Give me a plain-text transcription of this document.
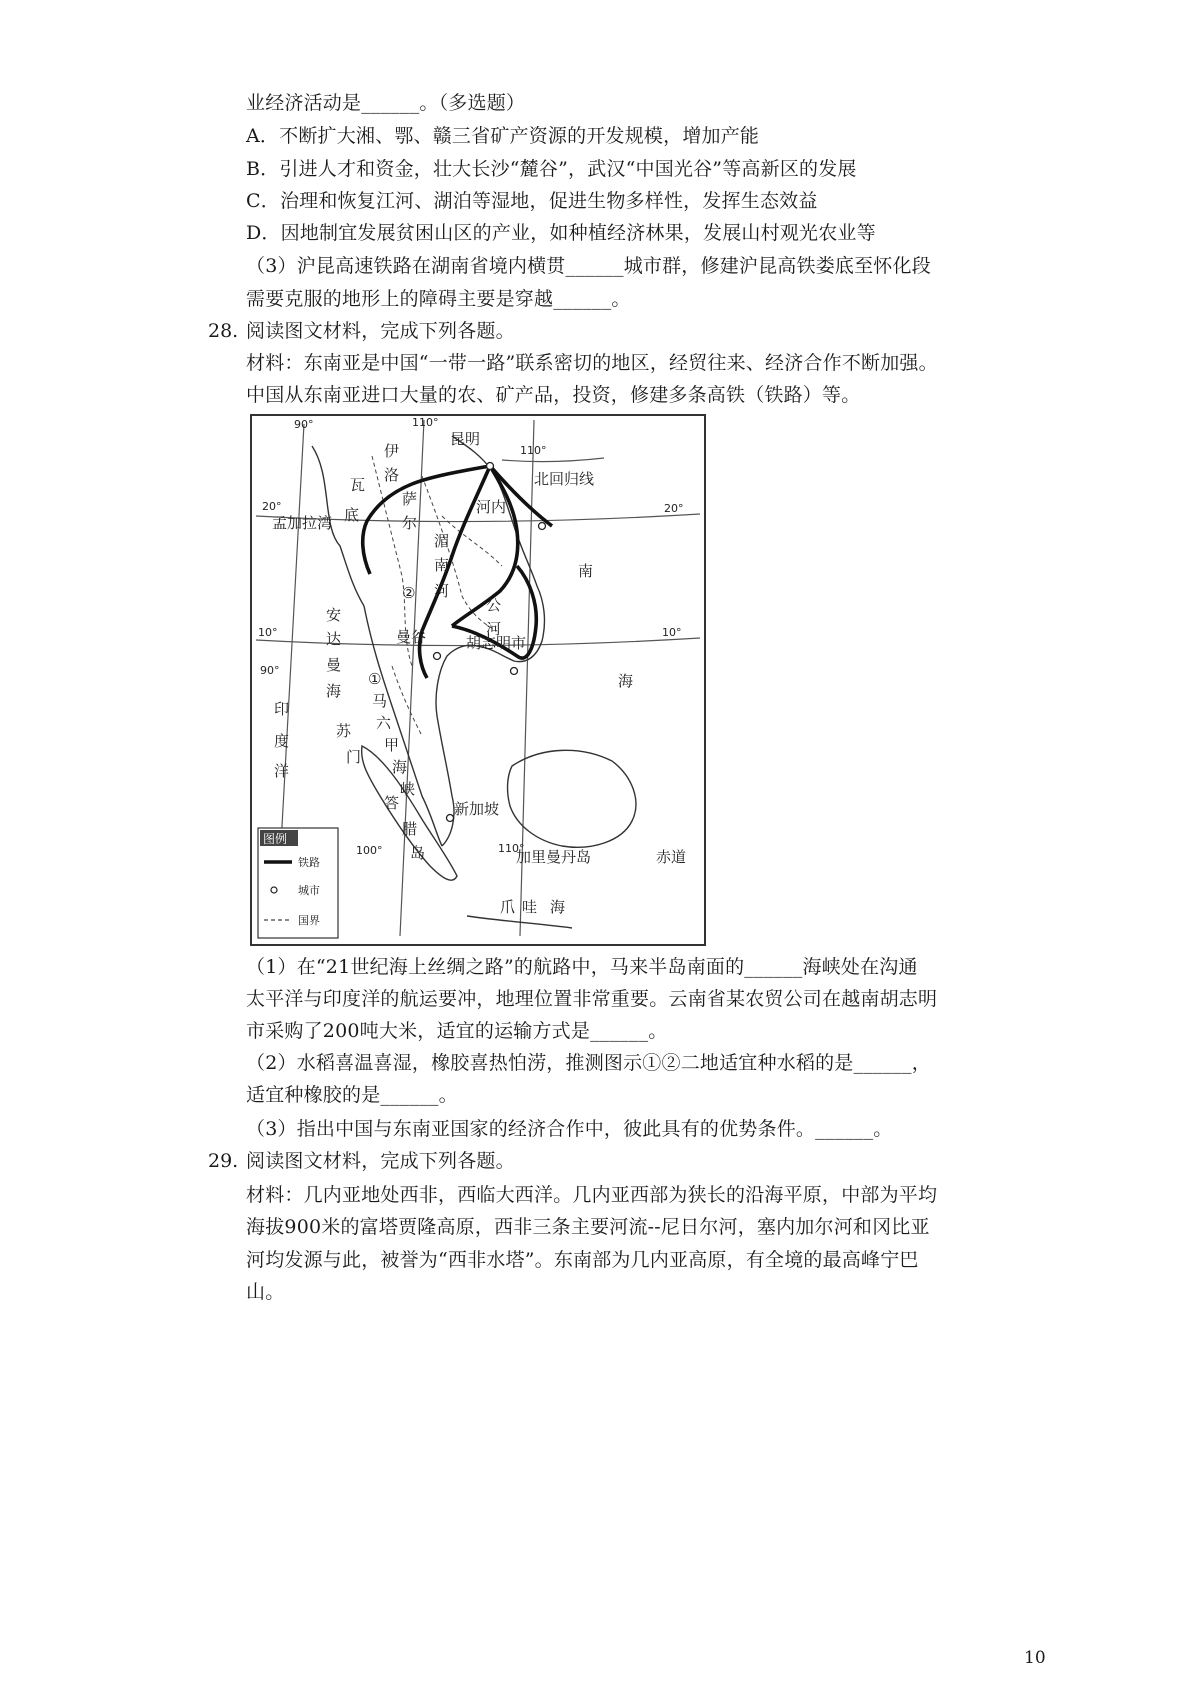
业经济活动是______。（多选题）
A．不断扩大湘、鄂、赣三省矿产资源的开发规模，增加产能
B．引进人才和资金，壮大长沙“麓谷”，武汉“中国光谷”等高新区的发展
C．治理和恢复江河、湖泊等湿地，促进生物多样性，发挥生态效益
D．因地制宜发展贫困山区的产业，如种植经济林果，发展山村观光农业等
（3）沪昆高速铁路在湖南省境内横贯______城市群，修建沪昆高铁娄底至怀化段
需要克服的地形上的障碍主要是穿越______。
28. 阅读图文材料，完成下列各题。
材料：东南亚是中国“一带一路”联系密切的地区，经贸往来、经济合作不断加强。
中国从东南亚进口大量的农、矿产品，投资，修建多条高铁（铁路）等。
90°	110°
110°
90°
100°	110°
20°	20°
10°	10°
北回归线
昆明
伊
洛
瓦
底
孟加拉湾
萨
尔
湄
南
河
②
曼谷
安
达
曼
海
①
印
度
洋
马
六
甲
海
峡
苏
门
答
腊
岛
河内
南
海
胡志明市
新加坡
加里曼丹岛	赤道
爪 哇 海
公
河
图例
铁路
城市
国界
（1）在“21世纪海上丝绸之路”的航路中，马来半岛南面的______海峡处在沟通
太平洋与印度洋的航运要冲，地理位置非常重要。云南省某农贸公司在越南胡志明
市采购了200吨大米，适宜的运输方式是______。
（2）水稻喜温喜湿，橡胶喜热怕涝，推测图示①②二地适宜种水稻的是______，
适宜种橡胶的是______。
（3）指出中国与东南亚国家的经济合作中，彼此具有的优势条件。______。
29. 阅读图文材料，完成下列各题。
材料：几内亚地处西非，西临大西洋。几内亚西部为狭长的沿海平原，中部为平均
海拔900米的富塔贾隆高原，西非三条主要河流--尼日尔河，塞内加尔河和冈比亚
河均发源与此，被誉为“西非水塔”。东南部为几内亚高原，有全境的最高峰宁巴
山。
10
